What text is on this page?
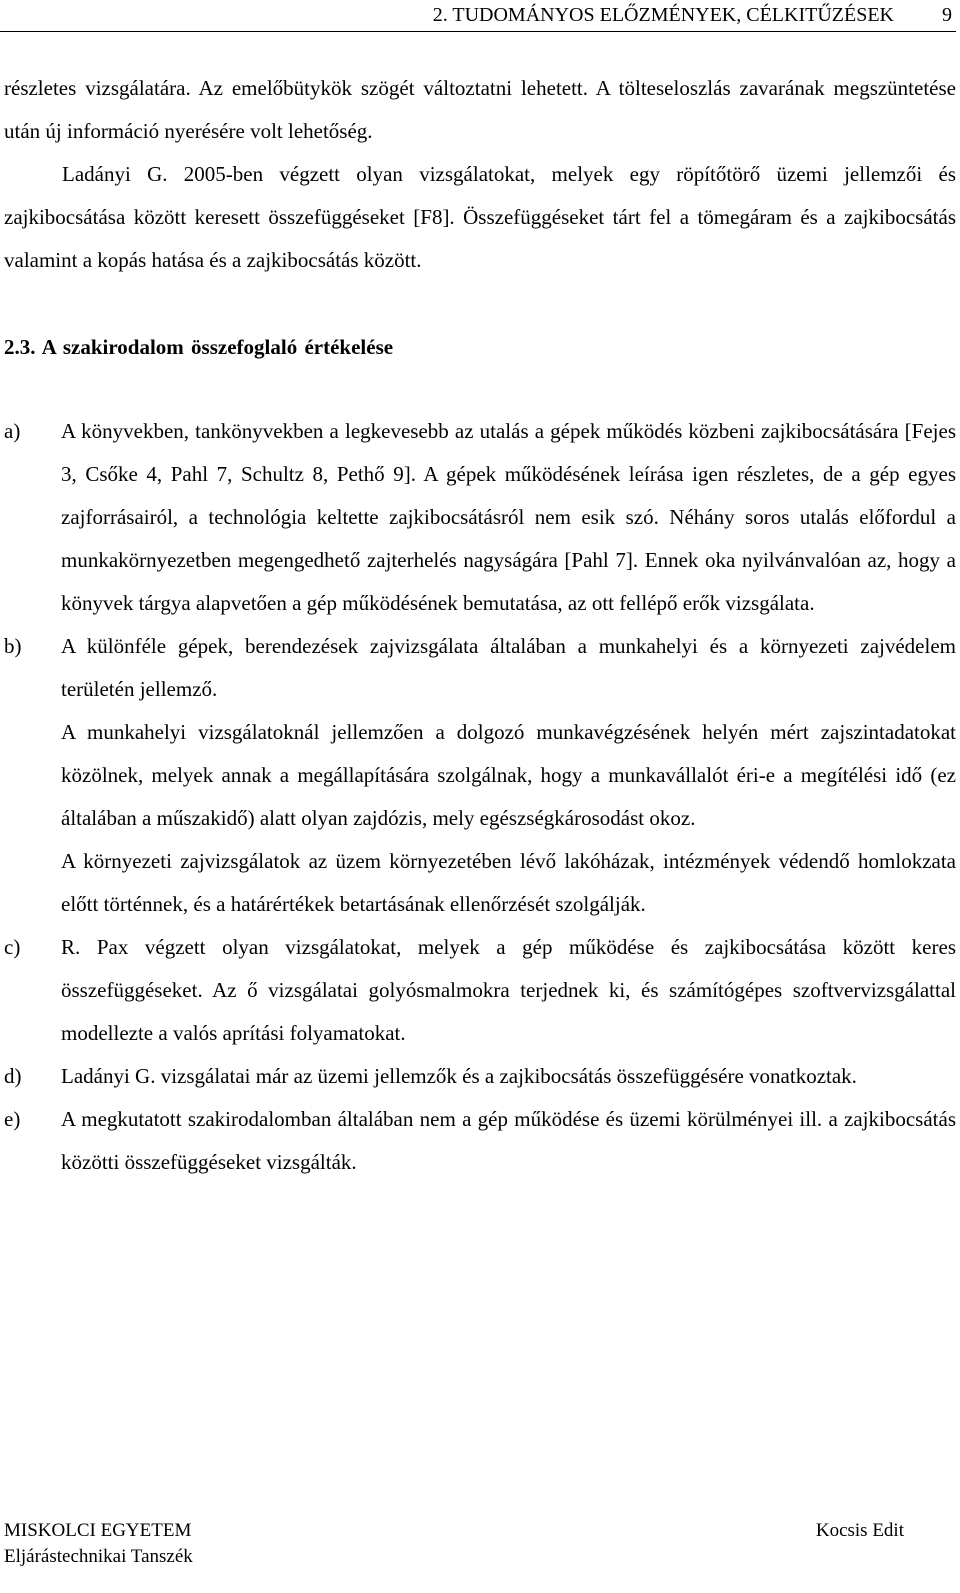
2. TUDOMÁNYOS ELŐZMÉNYEK, CÉLKITŰZÉSEK 9
részletes vizsgálatára. Az emelőbütykök szögét változtatni lehetett. A tölteseloszlás zavarának megszüntetése után új információ nyerésére volt lehetőség.
Ladányi G. 2005-ben végzett olyan vizsgálatokat, melyek egy röpítőtörő üzemi jellemzői és zajkibocsátása között keresett összefüggéseket [F8]. Összefüggéseket tárt fel a tömegáram és a zajkibocsátás valamint a kopás hatása és a zajkibocsátás között.
2.3. A szakirodalom összefoglaló értékelése
a)	A könyvekben, tankönyvekben a legkevesebb az utalás a gépek működés közbeni zajkibocsátására [Fejes 3, Csőke 4, Pahl 7, Schultz 8, Pethő 9]. A gépek működésének leírása igen részletes, de a gép egyes zajforrásairól, a technológia keltette zajkibocsátásról nem esik szó. Néhány soros utalás előfordul a munkakörnyezetben megengedhető zajterhelés nagyságára [Pahl 7]. Ennek oka nyilvánvalóan az, hogy a könyvek tárgya alapvetően a gép működésének bemutatása, az ott fellépő erők vizsgálata.
b)	A különféle gépek, berendezések zajvizsgálata általában a munkahelyi és a környezeti zajvédelem területén jellemző.
A munkahelyi vizsgálatoknál jellemzően a dolgozó munkavégzésének helyén mért zajszintadatokat közölnek, melyek annak a megállapítására szolgálnak, hogy a munkavállalót éri-e a megítélési idő (ez általában a műszakidő) alatt olyan zajdózis, mely egészségkárosodást okoz.
A környezeti zajvizsgálatok az üzem környezetében lévő lakóházak, intézmények védendő homlokzata előtt történnek, és a határértékek betartásának ellenőrzését szolgálják.
c)	R. Pax végzett olyan vizsgálatokat, melyek a gép működése és zajkibocsátása között keres összefüggéseket. Az ő vizsgálatai golyósmalmokra terjednek ki, és számítógépes szoftvervizsgálattal modellezte a valós aprítási folyamatokat.
d)	Ladányi G. vizsgálatai már az üzemi jellemzők és a zajkibocsátás összefüggésére vonatkoztak.
e)	A megkutatott szakirodalomban általában nem a gép működése és üzemi körülményei ill. a zajkibocsátás közötti összefüggéseket vizsgálták.
MISKOLCI EGYETEM
Eljárástechnikai Tanszék
Kocsis Edit
